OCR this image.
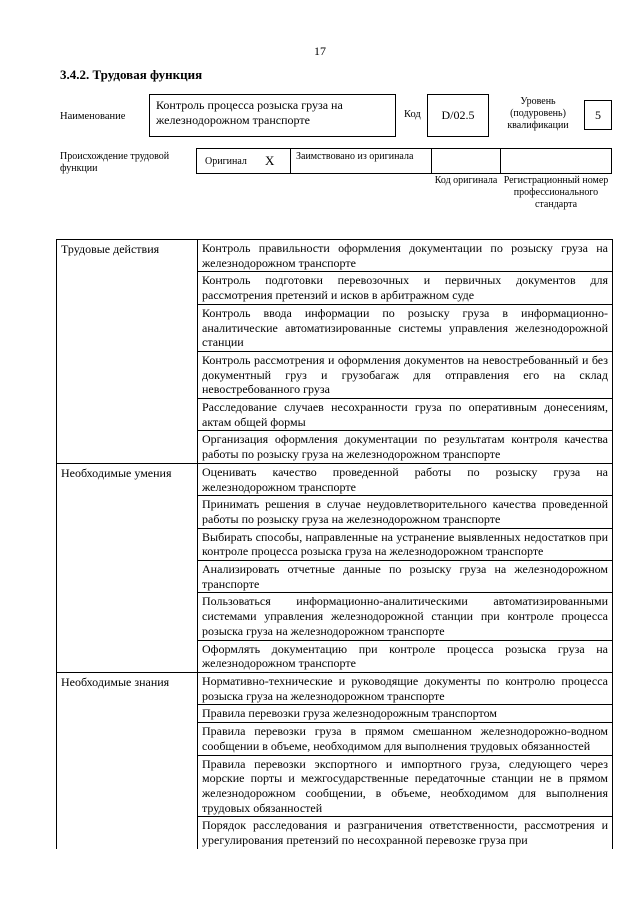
17
3.4.2. Трудовая функция
Наименование
Контроль процесса розыска груза на железнодорожном транспорте	Код	D/02.5
Уровень (подуровень) квалификации
5
Происхождение трудовой функции
Оригинал X Заимствовано из оригинала
Код оригинала Регистрационный номер профессионального стандарта
Трудовые действия	Контроль правильности оформления документации по розыску груза на железнодорожном транспорте
	Контроль подготовки перевозочных и первичных документов для рассмотрения претензий и исков в арбитражном суде
	Контроль ввода информации по розыску груза в информационно-аналитические автоматизированные системы управления железнодорожной станции
	Контроль рассмотрения и оформления документов на невостребованный и без документный груз и грузобагаж для отправления его на склад невостребованного груза
	Расследование случаев несохранности груза по оперативным донесениям, актам общей формы
	Организация оформления документации по результатам контроля качества работы по розыску груза на железнодорожном транспорте
Необходимые умения	Оценивать качество проведенной работы по розыску груза на железнодорожном транспорте
	Принимать решения в случае неудовлетворительного качества проведенной работы по розыску груза на железнодорожном транспорте
	Выбирать способы, направленные на устранение выявленных недостатков при контроле процесса розыска груза на железнодорожном транспорте
	Анализировать отчетные данные по розыску груза на железнодорожном транспорте
	Пользоваться информационно-аналитическими автоматизированными системами управления железнодорожной станции при контроле процесса розыска груза на железнодорожном транспорте
	Оформлять документацию при контроле процесса розыска груза на железнодорожном транспорте
Необходимые знания	Нормативно-технические и руководящие документы по контролю процесса розыска груза на железнодорожном транспорте
	Правила перевозки груза железнодорожным транспортом
	Правила перевозки груза в прямом смешанном железнодорожно-водном сообщении в объеме, необходимом для выполнения трудовых обязанностей
	Правила перевозки экспортного и импортного груза, следующего через морские порты и межгосударственные передаточные станции не в прямом железнодорожном сообщении, в объеме, необходимом для выполнения трудовых обязанностей
	Порядок расследования и разграничения ответственности, рассмотрения и урегулирования претензий по несохранной перевозке груза при
